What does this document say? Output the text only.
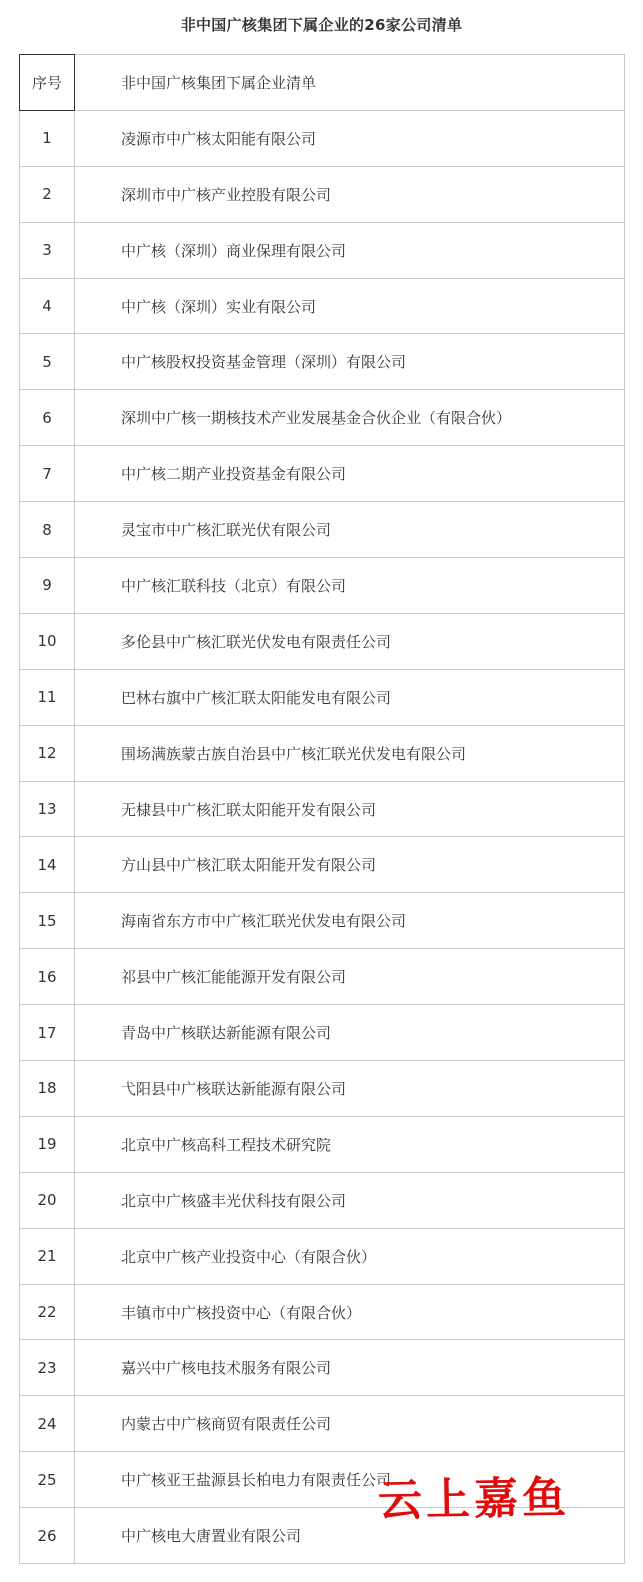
非中国广核集团下属企业的26家公司清单
序号	非中国广核集团下属企业清单
1	凌源市中广核太阳能有限公司
2	深圳市中广核产业控股有限公司
3	中广核（深圳）商业保理有限公司
4	中广核（深圳）实业有限公司
5	中广核股权投资基金管理（深圳）有限公司
6	深圳中广核一期核技术产业发展基金合伙企业（有限合伙）
7	中广核二期产业投资基金有限公司
8	灵宝市中广核汇联光伏有限公司
9	中广核汇联科技（北京）有限公司
10	多伦县中广核汇联光伏发电有限责任公司
11	巴林右旗中广核汇联太阳能发电有限公司
12	围场满族蒙古族自治县中广核汇联光伏发电有限公司
13	无棣县中广核汇联太阳能开发有限公司
14	方山县中广核汇联太阳能开发有限公司
15	海南省东方市中广核汇联光伏发电有限公司
16	祁县中广核汇能能源开发有限公司
17	青岛中广核联达新能源有限公司
18	弋阳县中广核联达新能源有限公司
19	北京中广核高科工程技术研究院
20	北京中广核盛丰光伏科技有限公司
21	北京中广核产业投资中心（有限合伙）
22	丰镇市中广核投资中心（有限合伙）
23	嘉兴中广核电技术服务有限公司
24	内蒙古中广核商贸有限责任公司
25	中广核亚王盐源县长柏电力有限责任公司
26	中广核电大唐置业有限公司
云上嘉鱼
